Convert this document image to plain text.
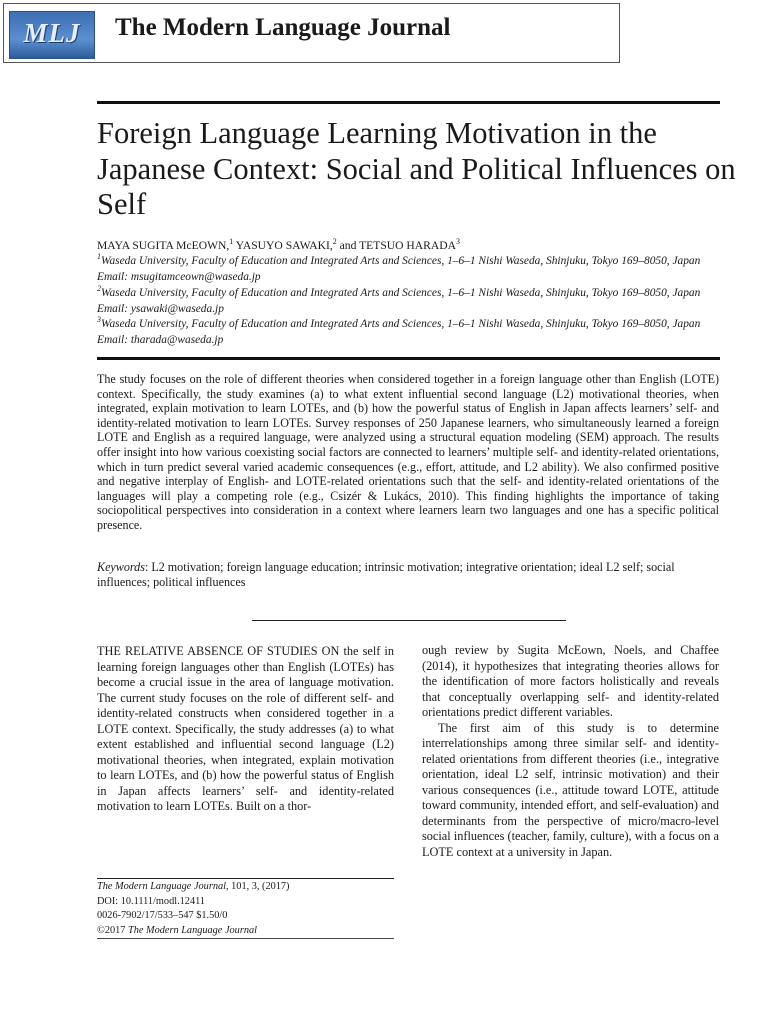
MLJ	The Modern Language Journal
Foreign Language Learning Motivation in the Japanese Context: Social and Political Influences on Self
MAYA SUGITA McEOWN,$^1$ YASUYO SAWAKI,$^2$ and TETSUO HARADA$^3$
$^1$Waseda University, Faculty of Education and Integrated Arts and Sciences, 1–6–1 Nishi Waseda, Shinjuku, Tokyo 169–8050, Japan Email: msugitamceown@waseda.jp
$^2$Waseda University, Faculty of Education and Integrated Arts and Sciences, 1–6–1 Nishi Waseda, Shinjuku, Tokyo 169–8050, Japan Email: ysawaki@waseda.jp
$^3$Waseda University, Faculty of Education and Integrated Arts and Sciences, 1–6–1 Nishi Waseda, Shinjuku, Tokyo 169–8050, Japan Email: tharada@waseda.jp

The study focuses on the role of different theories when considered together in a foreign language other than English (LOTE) context. Specifically, the study examines (a) to what extent influential second language (L2) motivational theories, when integrated, explain motivation to learn LOTEs, and (b) how the powerful status of English in Japan affects learners’ self- and identity-related motivation to learn LOTEs. Survey responses of 250 Japanese learners, who simultaneously learned a foreign LOTE and English as a required language, were analyzed using a structural equation modeling (SEM) approach. The results offer insight into how various coexisting social factors are connected to learners’ multiple self- and identity-related orientations, which in turn predict several varied academic consequences (e.g., effort, attitude, and L2 ability). We also confirmed positive and negative interplay of English- and LOTE-related orientations such that the self- and identity-related orientations of the languages will play a competing role (e.g., Csizér & Lukács, 2010). This finding highlights the importance of taking sociopolitical perspectives into consideration in a context where learners learn two languages and one has a specific political presence.

Keywords: L2 motivation; foreign language education; intrinsic motivation; integrative orientation; ideal L2 self; social influences; political influences

THE RELATIVE ABSENCE OF STUDIES ON the self in learning foreign languages other than English (LOTEs) has become a crucial issue in the area of language motivation. The current study focuses on the role of different self- and identity-related constructs when considered together in a LOTE context. Specifically, the study addresses (a) to what extent established and influential second language (L2) motivational theories, when integrated, explain motivation to learn LOTEs, and (b) how the powerful status of English in Japan affects learners’ self- and identity-related motivation to learn LOTEs. Built on a thor-

ough review by Sugita McEown, Noels, and Chaffee (2014), it hypothesizes that integrating theories allows for the identification of more factors holistically and reveals that conceptually overlapping self- and identity-related orientations predict different variables.
The first aim of this study is to determine interrelationships among three similar self- and identity-related orientations from different theories (i.e., integrative orientation, ideal L2 self, intrinsic motivation) and their various consequences (i.e., attitude toward LOTE, attitude toward community, intended effort, and self-evaluation) and determinants from the perspective of micro/macro-level social influences (teacher, family, culture), with a focus on a LOTE context at a university in Japan.
The Modern Language Journal, 101, 3, (2017)
DOI: 10.1111/modl.12411
0026-7902/17/533–547 $1.50/0
©2017 The Modern Language Journal
